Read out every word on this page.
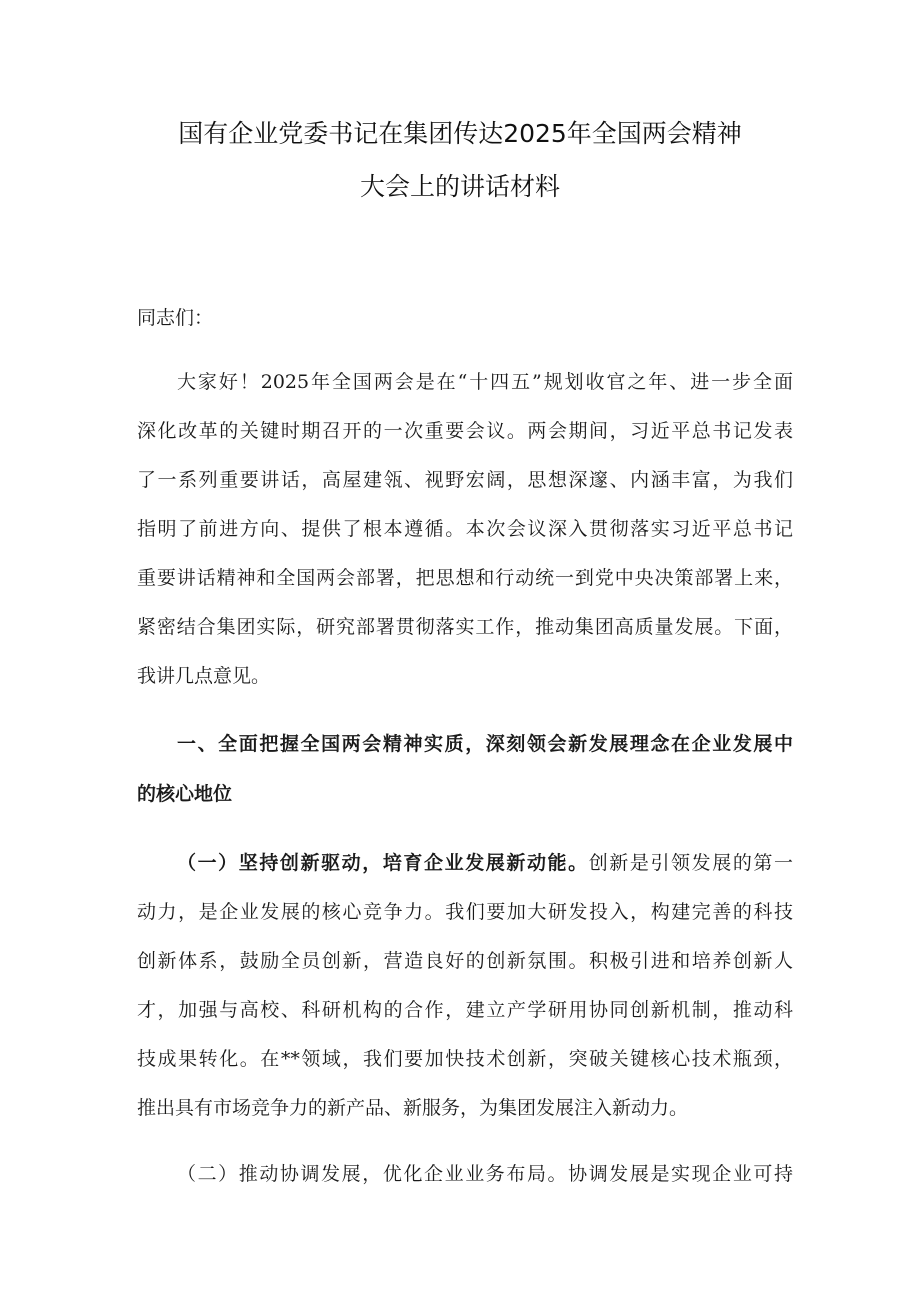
国有企业党委书记在集团传达2025年全国两会精神
大会上的讲话材料
同志们：
大家好！2025年全国两会是在“十四五”规划收官之年、进一步全面
深化改革的关键时期召开的一次重要会议。两会期间，习近平总书记发表
了一系列重要讲话，高屋建瓴、视野宏阔，思想深邃、内涵丰富，为我们
指明了前进方向、提供了根本遵循。本次会议深入贯彻落实习近平总书记
重要讲话精神和全国两会部署，把思想和行动统一到党中央决策部署上来，
紧密结合集团实际，研究部署贯彻落实工作，推动集团高质量发展。下面，
我讲几点意见。
一、全面把握全国两会精神实质，深刻领会新发展理念在企业发展中
的核心地位
（一）坚持创新驱动，培育企业发展新动能。创新是引领发展的第一
动力，是企业发展的核心竞争力。我们要加大研发投入，构建完善的科技
创新体系，鼓励全员创新，营造良好的创新氛围。积极引进和培养创新人
才，加强与高校、科研机构的合作，建立产学研用协同创新机制，推动科
技成果转化。在**领域，我们要加快技术创新，突破关键核心技术瓶颈，
推出具有市场竞争力的新产品、新服务，为集团发展注入新动力。
（二）推动协调发展，优化企业业务布局。协调发展是实现企业可持
